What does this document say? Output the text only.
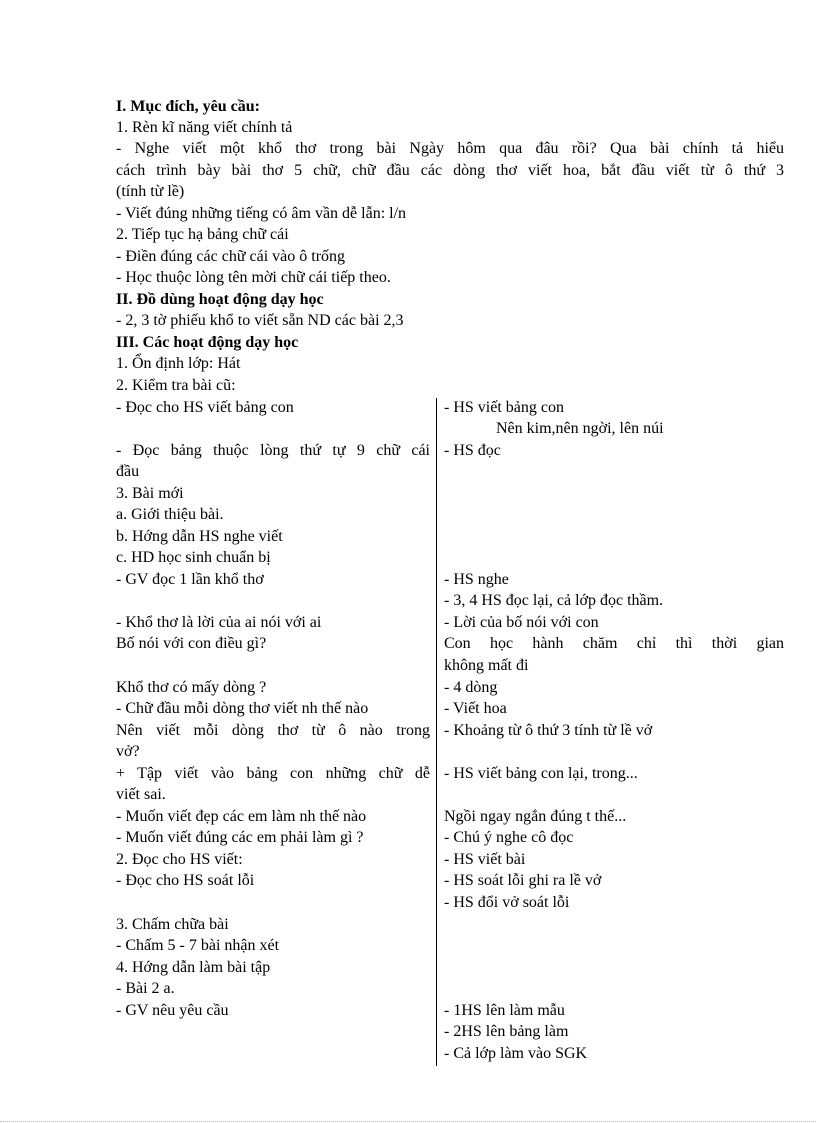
I. Mục đích, yêu cầu:
1. Rèn kĩ năng viết chính tả
- Nghe viết một khổ thơ trong bài Ngày hôm qua đâu rồi? Qua bài chính tả hiểu
cách trình bày bài thơ 5 chữ, chữ đầu các dòng thơ viết hoa, bắt đầu viết từ ô thứ 3
(tính từ lề)
- Viết đúng những tiếng có âm vần dễ lẫn: l/n
2. Tiếp tục hạ bảng chữ cái
- Điền đúng các chữ cái vào ô trống
- Học thuộc lòng tên mời chữ cái tiếp theo.
II. Đồ dùng hoạt động dạy học
- 2, 3 tờ phiếu khổ to viết sẵn ND các bài 2,3
III. Các hoạt động dạy học
1. Ổn định lớp: Hát
2. Kiểm tra bài cũ:
- Đọc cho HS viết bảng con
- Đọc bảng thuộc lòng thứ tự 9 chữ cái
đầu
3. Bài mới
a. Giới thiệu bài.
b. Hớng dẫn HS nghe viết
c. HD học sinh chuẩn bị
- GV đọc 1 lần khổ thơ
- Khổ thơ là lời của ai nói với ai
Bố nói với con điều gì?
Khổ thơ có mấy dòng ?
- Chữ đầu mỗi dòng thơ viết nh thế nào
Nên viết mỗi dòng thơ từ ô nào trong
vở?
+ Tập viết vào bảng con những chữ dễ
viết sai.
- Muốn viết đẹp các em làm nh thế nào
- Muốn viết đúng các em phải làm gì ?
2. Đọc cho HS viết:
- Đọc cho HS soát lỗi
3. Chấm chữa bài
- Chấm 5 - 7 bài nhận xét
4. Hớng dẫn làm bài tập
- Bài 2 a.
- GV nêu yêu cầu
- HS viết bảng con
Nên kim,nên ngời, lên núi
- HS đọc
- HS nghe
- 3, 4 HS đọc lại, cả lớp đọc thầm.
- Lời của bố nói với con
Con học hành chăm chỉ thì thời gian
không mất đi
- 4 dòng
- Viết hoa
- Khoảng từ ô thứ 3 tính từ lề vở
- HS viết bảng con lại, trong...
Ngồi ngay ngắn đúng t thế...
- Chú ý nghe cô đọc
- HS viết bài
- HS soát lỗi ghi ra lề vở
- HS đổi vở soát lỗi
- 1HS lên làm mẫu
- 2HS lên bảng làm
- Cả lớp làm vào SGK
